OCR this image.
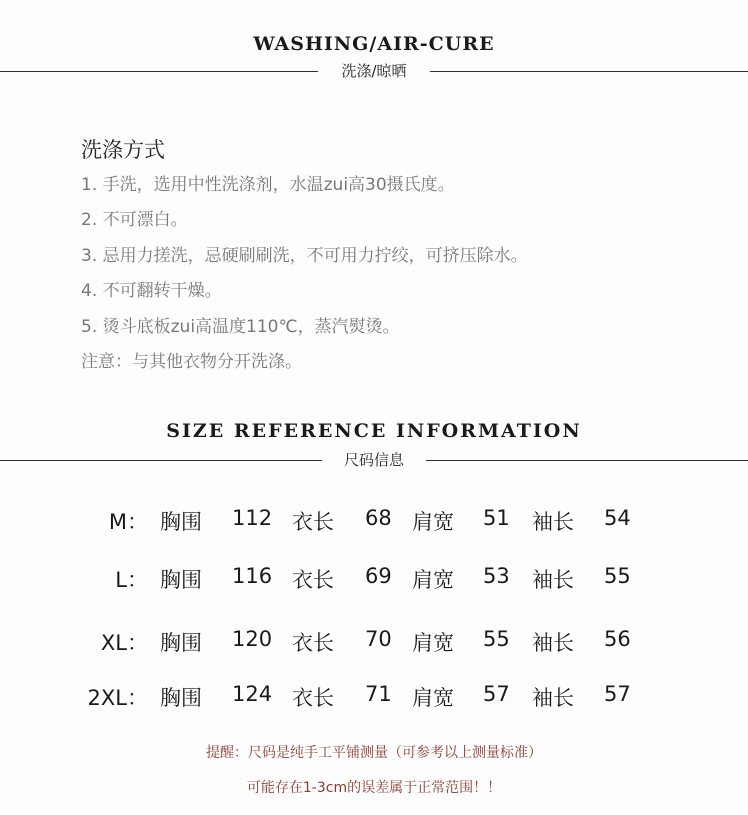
WASHING/AIR-CURE
洗涤/晾晒
洗涤方式
1. 手洗，选用中性洗涤剂，水温zui高30摄氏度。
2. 不可漂白。
3. 忌用力搓洗，忌硬刷刷洗，不可用力拧绞，可挤压除水。
4. 不可翻转干燥。
5. 烫斗底板zui高温度110℃，蒸汽熨烫。
注意：与其他衣物分开洗涤。
SIZE REFERENCE INFORMATION
尺码信息
M： 胸围 112 衣长 68 肩宽 51 袖长 54
L： 胸围 116 衣长 69 肩宽 53 袖长 55
XL： 胸围 120 衣长 70 肩宽 55 袖长 56
2XL： 胸围 124 衣长 71 肩宽 57 袖长 57
提醒：尺码是纯手工平铺测量（可参考以上测量标准）
可能存在1-3cm的误差属于正常范围！！
